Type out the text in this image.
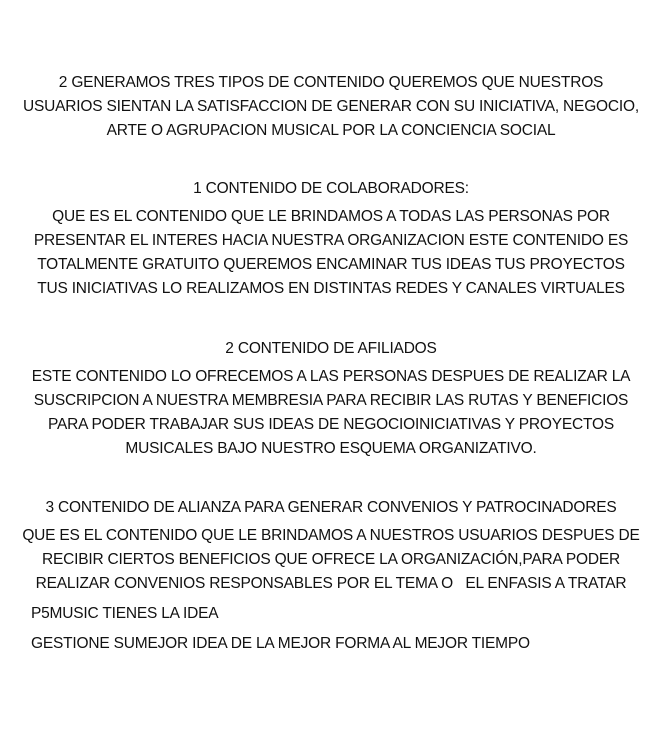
2 GENERAMOS TRES TIPOS DE CONTENIDO QUEREMOS QUE NUESTROS
USUARIOS SIENTAN LA SATISFACCION DE GENERAR CON SU INICIATIVA, NEGOCIO,
ARTE O AGRUPACION MUSICAL POR LA CONCIENCIA SOCIAL
1 CONTENIDO DE COLABORADORES:
QUE ES EL CONTENIDO QUE LE BRINDAMOS A TODAS LAS PERSONAS POR
PRESENTAR EL INTERES HACIA NUESTRA ORGANIZACION ESTE CONTENIDO ES
TOTALMENTE GRATUITO QUEREMOS ENCAMINAR TUS IDEAS TUS PROYECTOS
TUS INICIATIVAS LO REALIZAMOS EN DISTINTAS REDES Y CANALES VIRTUALES
2 CONTENIDO DE AFILIADOS
ESTE CONTENIDO LO OFRECEMOS A LAS PERSONAS DESPUES DE REALIZAR LA
SUSCRIPCION A NUESTRA MEMBRESIA PARA RECIBIR LAS RUTAS Y BENEFICIOS
PARA PODER TRABAJAR SUS IDEAS DE NEGOCIOINICIATIVAS Y PROYECTOS
MUSICALES BAJO NUESTRO ESQUEMA ORGANIZATIVO.
3 CONTENIDO DE ALIANZA PARA GENERAR CONVENIOS Y PATROCINADORES
QUE ES EL CONTENIDO QUE LE BRINDAMOS A NUESTROS USUARIOS DESPUES DE
RECIBIR CIERTOS BENEFICIOS QUE OFRECE LA ORGANIZACIÓN,PARA PODER
REALIZAR CONVENIOS RESPONSABLES POR EL TEMA O   EL ENFASIS A TRATAR
P5MUSIC TIENES LA IDEA
GESTIONE SUMEJOR IDEA DE LA MEJOR FORMA AL MEJOR TIEMPO
